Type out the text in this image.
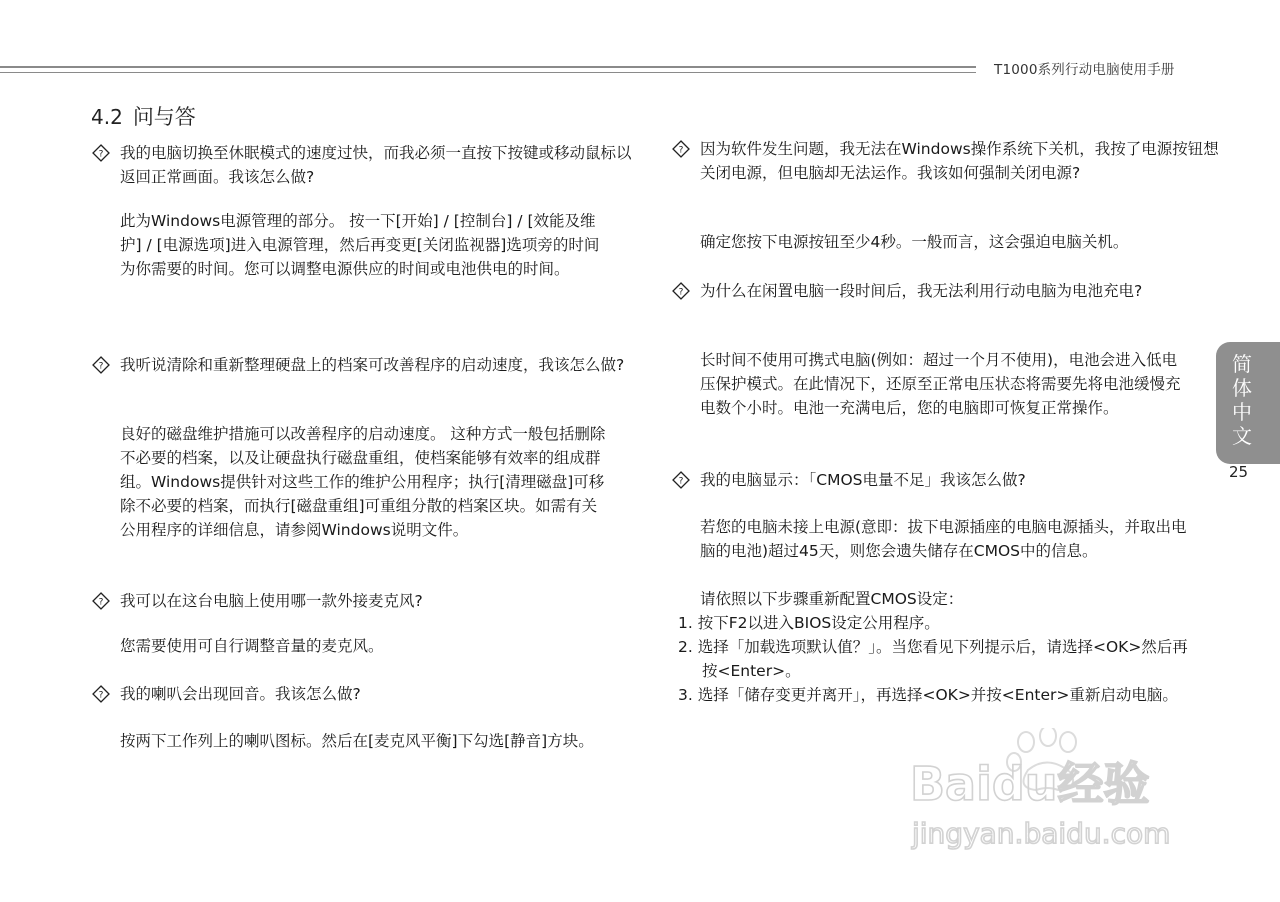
T1000系列行动电脑使用手册
4.2 问与答
? 我的电脑切换至休眠模式的速度过快，而我必须一直按下按键或移动鼠标以返回正常画面。我该怎么做?
此为Windows电源管理的部分。 按一下[开始] / [控制台] / [效能及维护] / [电源选项]进入电源管理，然后再变更[关闭监视器]选项旁的时间为你需要的时间。您可以调整电源供应的时间或电池供电的时间。
? 我听说清除和重新整理硬盘上的档案可改善程序的启动速度，我该怎么做?
良好的磁盘维护措施可以改善程序的启动速度。 这种方式一般包括删除不必要的档案，以及让硬盘执行磁盘重组，使档案能够有效率的组成群组。Windows提供针对这些工作的维护公用程序；执行[清理磁盘]可移除不必要的档案，而执行[磁盘重组]可重组分散的档案区块。如需有关公用程序的详细信息，请参阅Windows说明文件。
? 我可以在这台电脑上使用哪一款外接麦克风?
您需要使用可自行调整音量的麦克风。
? 我的喇叭会出现回音。我该怎么做?
按两下工作列上的喇叭图标。然后在[麦克风平衡]下勾选[静音]方块。
? 因为软件发生问题，我无法在Windows操作系统下关机，我按了电源按钮想关闭电源，但电脑却无法运作。我该如何强制关闭电源?
确定您按下电源按钮至少4秒。一般而言，这会强迫电脑关机。
? 为什么在闲置电脑一段时间后，我无法利用行动电脑为电池充电?
长时间不使用可携式电脑(例如：超过一个月不使用)，电池会进入低电压保护模式。在此情况下，还原至正常电压状态将需要先将电池缓慢充电数个小时。电池一充满电后，您的电脑即可恢复正常操作。
? 我的电脑显示：「CMOS电量不足」我该怎么做?
若您的电脑未接上电源(意即：拔下电源插座的电脑电源插头，并取出电脑的电池)超过45天，则您会遗失储存在CMOS中的信息。
请依照以下步骤重新配置CMOS设定：
1. 按下F2以进入BIOS设定公用程序。
2. 选择「加载选项默认值？」。当您看见下列提示后，请选择<OK>然后再按<Enter>。
3. 选择「储存变更并离开」，再选择<OK>并按<Enter>重新启动电脑。
简体中文
25
Baidu经验
jingyan.baidu.com
